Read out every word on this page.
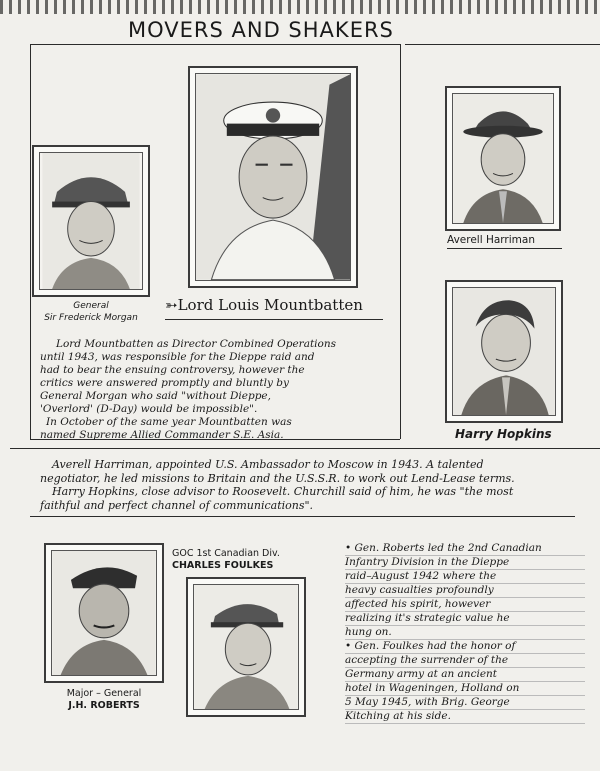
MOVERS AND SHAKERS
General
Sir Frederick Morgan
➳Lord Louis Mountbatten
Lord Mountbatten as Director Combined Operations
until 1943, was responsible for the Dieppe raid and
had to bear the ensuing controversy, however the
critics were answered promptly and bluntly by
General Morgan who said "without Dieppe,
'Overlord' (D-Day) would be impossible".
In October of the same year Mountbatten was
named Supreme Allied Commander S.E. Asia.
Averell Harriman
Harry Hopkins
Averell Harriman, appointed U.S. Ambassador to Moscow in 1943. A talented
negotiator, he led missions to Britain and the U.S.S.R. to work out Lend-Lease terms.
Harry Hopkins, close advisor to Roosevelt. Churchill said of him, he was "the most
faithful and perfect channel of communications".
Major – General
J.H. ROBERTS
GOC 1st Canadian Div.
CHARLES FOULKES
• Gen. Roberts led the 2nd Canadian
Infantry Division in the Dieppe
raid–August 1942 where the
heavy casualties profoundly
affected his spirit, however
realizing it's strategic value he
hung on.
• Gen. Foulkes had the honor of
accepting the surrender of the
Germany army at an ancient
hotel in Wageningen, Holland on
5 May 1945, with Brig. George
Kitching at his side.
